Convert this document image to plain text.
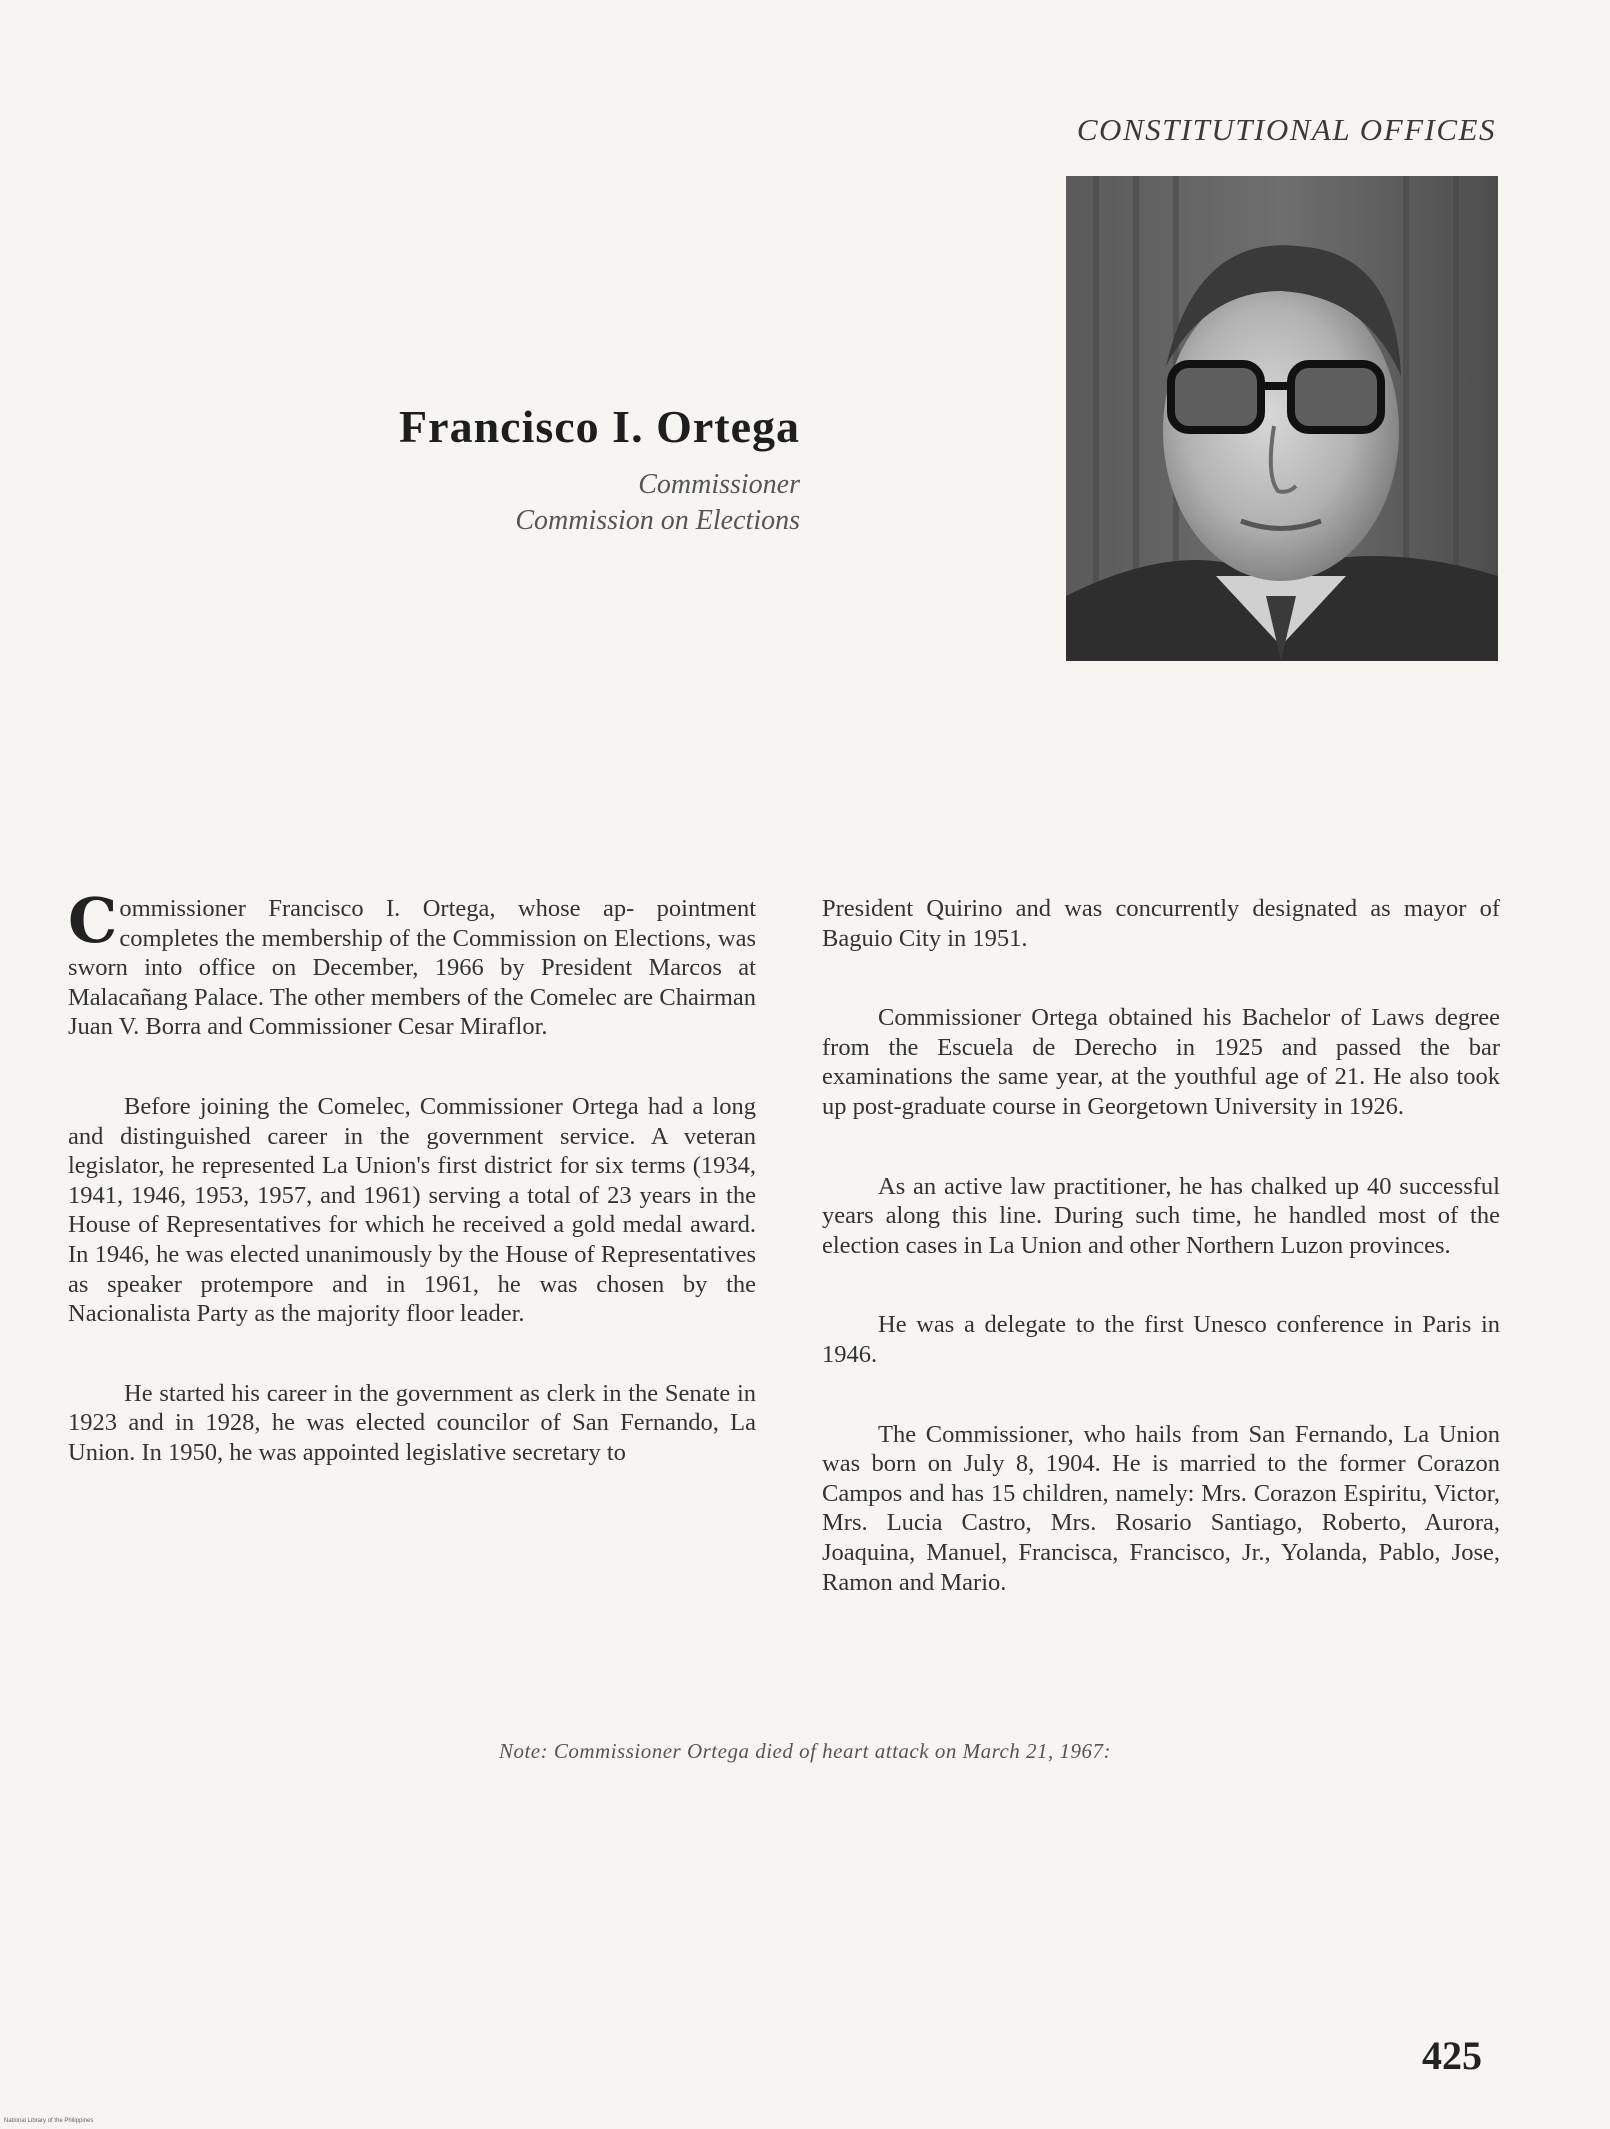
CONSTITUTIONAL OFFICES
Francisco I. Ortega
Commissioner
Commission on Elections

Commissioner Francisco I. Ortega, whose ap- pointment completes the membership of the Commission on Elections, was sworn into office on December, 1966 by President Marcos at Malacañang Palace. The other members of the Comelec are Chairman Juan V. Borra and Commissioner Cesar Miraflor.

Before joining the Comelec, Commissioner Ortega had a long and distinguished career in the government service. A veteran legislator, he represented La Union's first district for six terms (1934, 1941, 1946, 1953, 1957, and 1961) serving a total of 23 years in the House of Representatives for which he received a gold medal award. In 1946, he was elected unanimously by the House of Representatives as speaker protempore and in 1961, he was chosen by the Nacionalista Party as the majority floor leader.

He started his career in the government as clerk in the Senate in 1923 and in 1928, he was elected councilor of San Fernando, La Union. In 1950, he was appointed legislative secretary to

President Quirino and was concurrently designated as mayor of Baguio City in 1951.

Commissioner Ortega obtained his Bachelor of Laws degree from the Escuela de Derecho in 1925 and passed the bar examinations the same year, at the youthful age of 21. He also took up post-graduate course in Georgetown University in 1926.

As an active law practitioner, he has chalked up 40 successful years along this line. During such time, he handled most of the election cases in La Union and other Northern Luzon provinces.

He was a delegate to the first Unesco conference in Paris in 1946.

The Commissioner, who hails from San Fernando, La Union was born on July 8, 1904. He is married to the former Corazon Campos and has 15 children, namely: Mrs. Corazon Espiritu, Victor, Mrs. Lucia Castro, Mrs. Rosario Santiago, Roberto, Aurora, Joaquina, Manuel, Francisca, Francisco, Jr., Yolanda, Pablo, Jose, Ramon and Mario.

Note: Commissioner Ortega died of heart attack on March 21, 1967:
425
National Library of the Philippines
